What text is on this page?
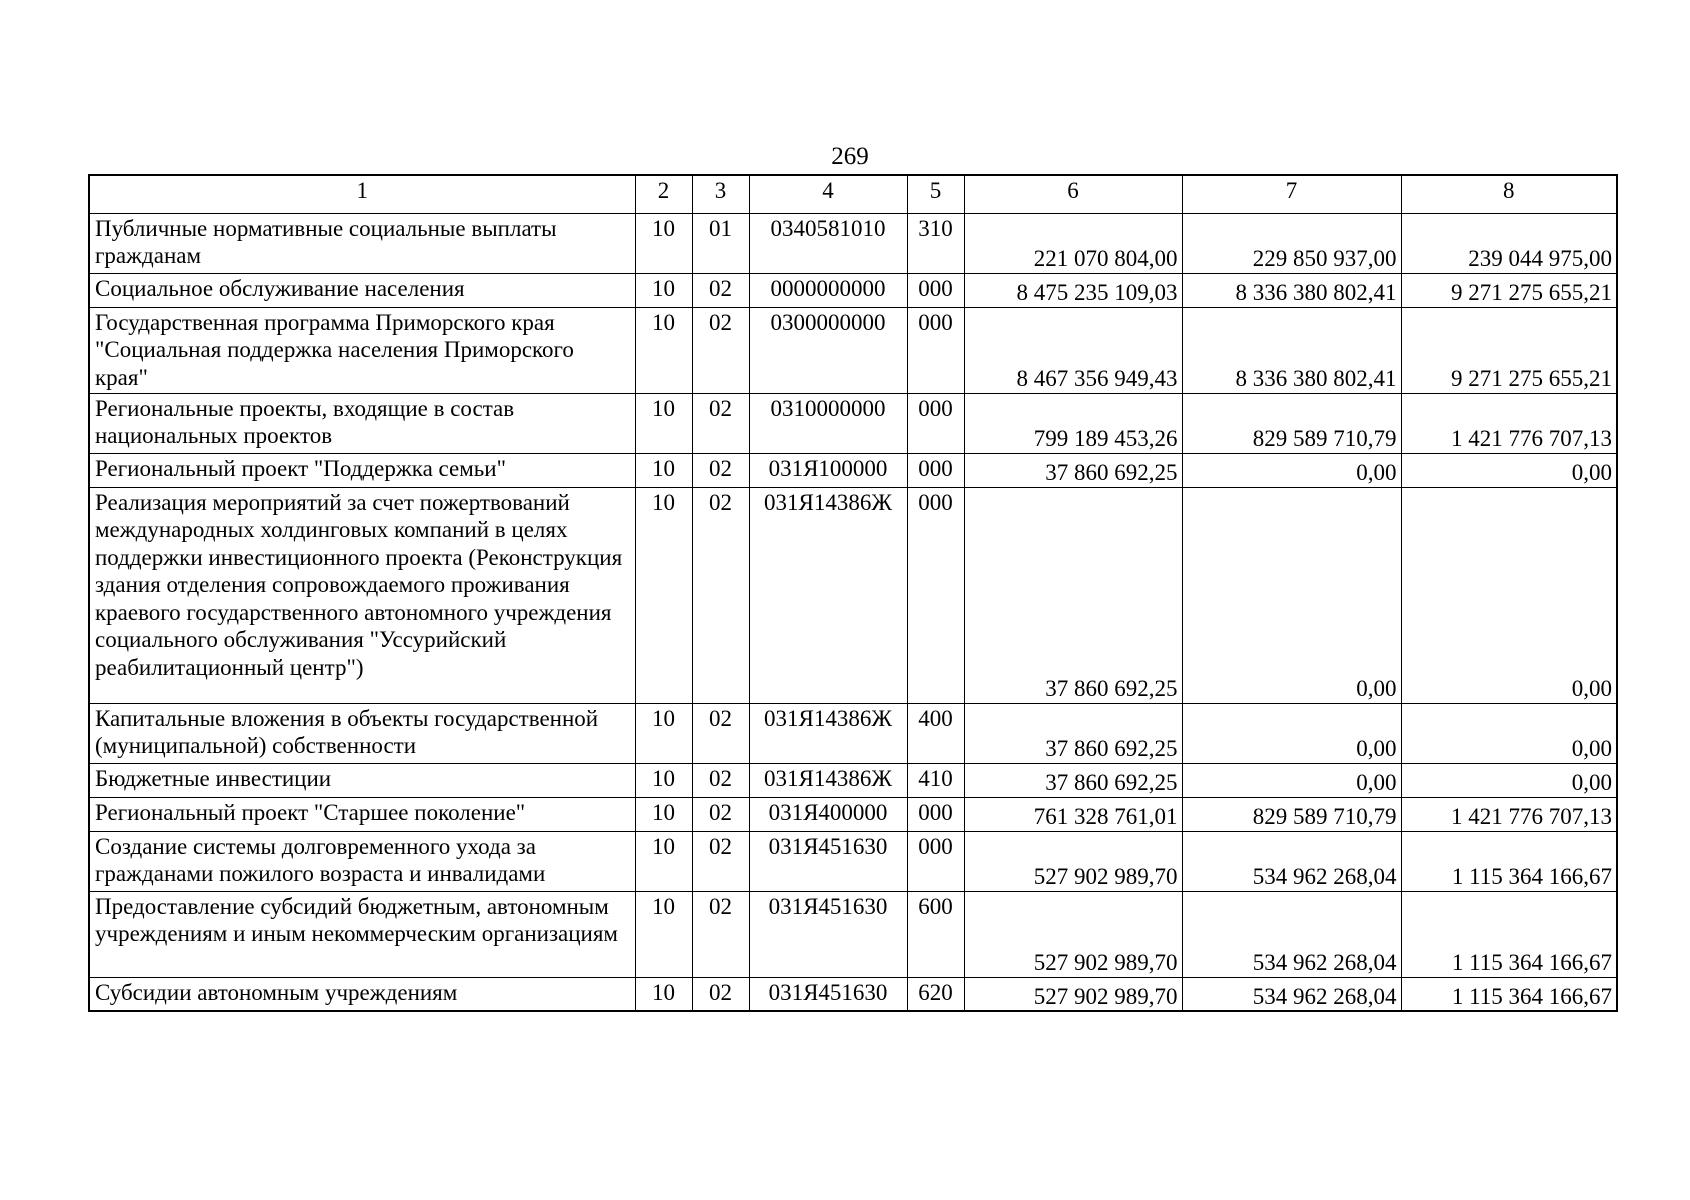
269
1	2	3	4	5	6	7	8
Публичные нормативные социальные выплаты гражданам	10	01	0340581010	310	221 070 804,00	229 850 937,00	239 044 975,00
Социальное обслуживание населения	10	02	0000000000	000	8 475 235 109,03	8 336 380 802,41	9 271 275 655,21
Государственная программа Приморского края "Социальная поддержка населения Приморского края"	10	02	0300000000	000	8 467 356 949,43	8 336 380 802,41	9 271 275 655,21
Региональные проекты, входящие в состав национальных проектов	10	02	0310000000	000	799 189 453,26	829 589 710,79	1 421 776 707,13
Региональный проект "Поддержка семьи"	10	02	031Я100000	000	37 860 692,25	0,00	0,00
Реализация мероприятий за счет пожертвований международных холдинговых компаний в целях поддержки инвестиционного проекта (Реконструкция здания отделения сопровождаемого проживания краевого государственного автономного учреждения социального обслуживания "Уссурийский реабилитационный центр")	10	02	031Я14386Ж	000	37 860 692,25	0,00	0,00
Капитальные вложения в объекты государственной (муниципальной) собственности	10	02	031Я14386Ж	400	37 860 692,25	0,00	0,00
Бюджетные инвестиции	10	02	031Я14386Ж	410	37 860 692,25	0,00	0,00
Региональный проект "Старшее поколение"	10	02	031Я400000	000	761 328 761,01	829 589 710,79	1 421 776 707,13
Создание системы долговременного ухода за гражданами пожилого возраста и инвалидами	10	02	031Я451630	000	527 902 989,70	534 962 268,04	1 115 364 166,67
Предоставление субсидий бюджетным, автономным учреждениям и иным некоммерческим организациям	10	02	031Я451630	600	527 902 989,70	534 962 268,04	1 115 364 166,67
Субсидии автономным учреждениям	10	02	031Я451630	620	527 902 989,70	534 962 268,04	1 115 364 166,67
